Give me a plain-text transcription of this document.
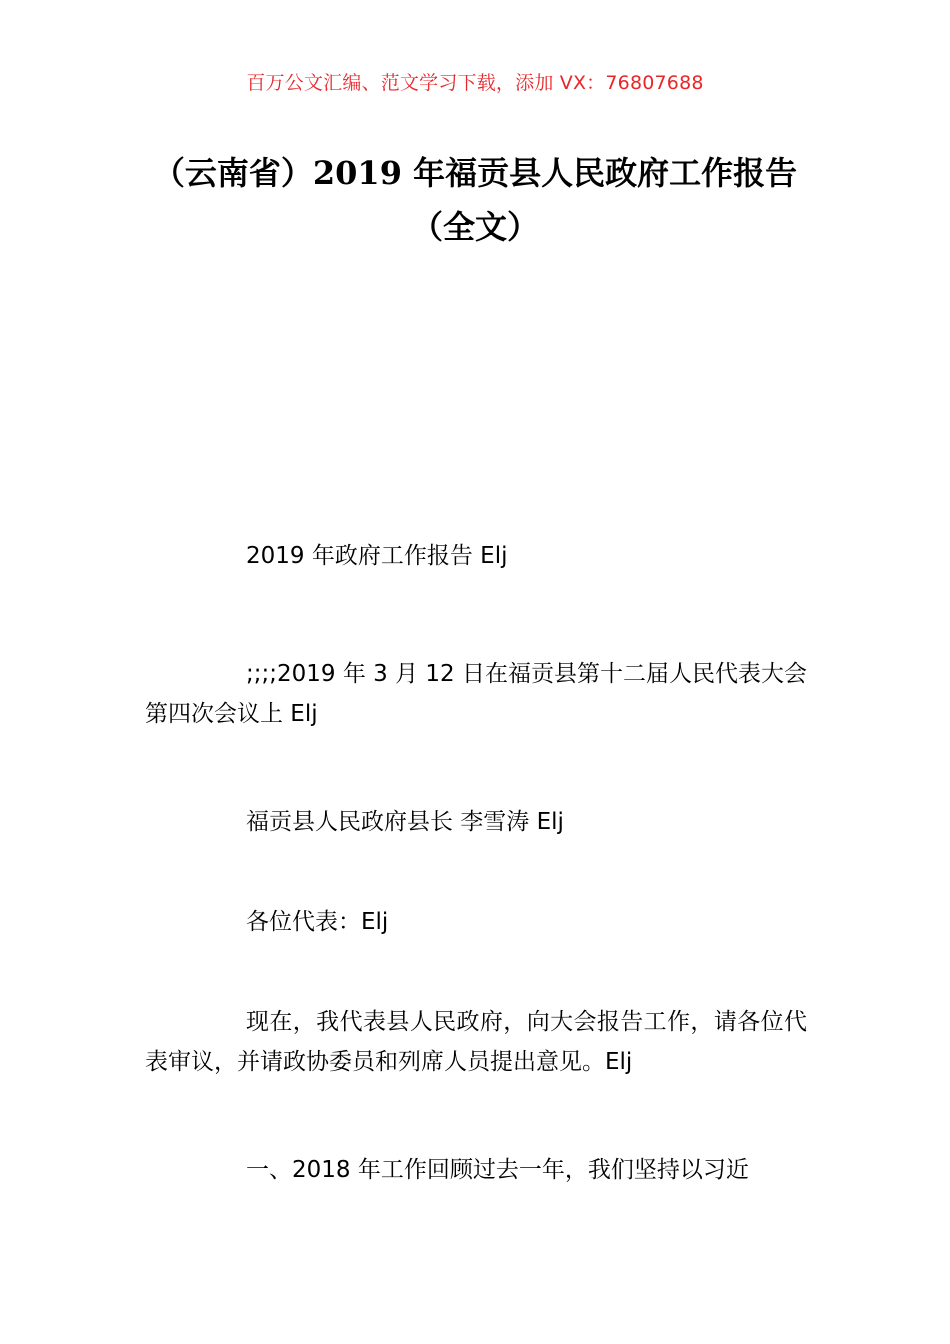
百万公文汇编、范文学习下载，添加 VX：76807688
（云南省）2019 年福贡县人民政府工作报告（全文）

2019 年政府工作报告 Elj

;;;;2019 年 3 月 12 日在福贡县第十二届人民代表大会第四次会议上 Elj

福贡县人民政府县长 李雪涛 Elj

各位代表：Elj

现在，我代表县人民政府，向大会报告工作，请各位代表审议，并请政协委员和列席人员提出意见。Elj

一、2018 年工作回顾过去一年，我们坚持以习近
